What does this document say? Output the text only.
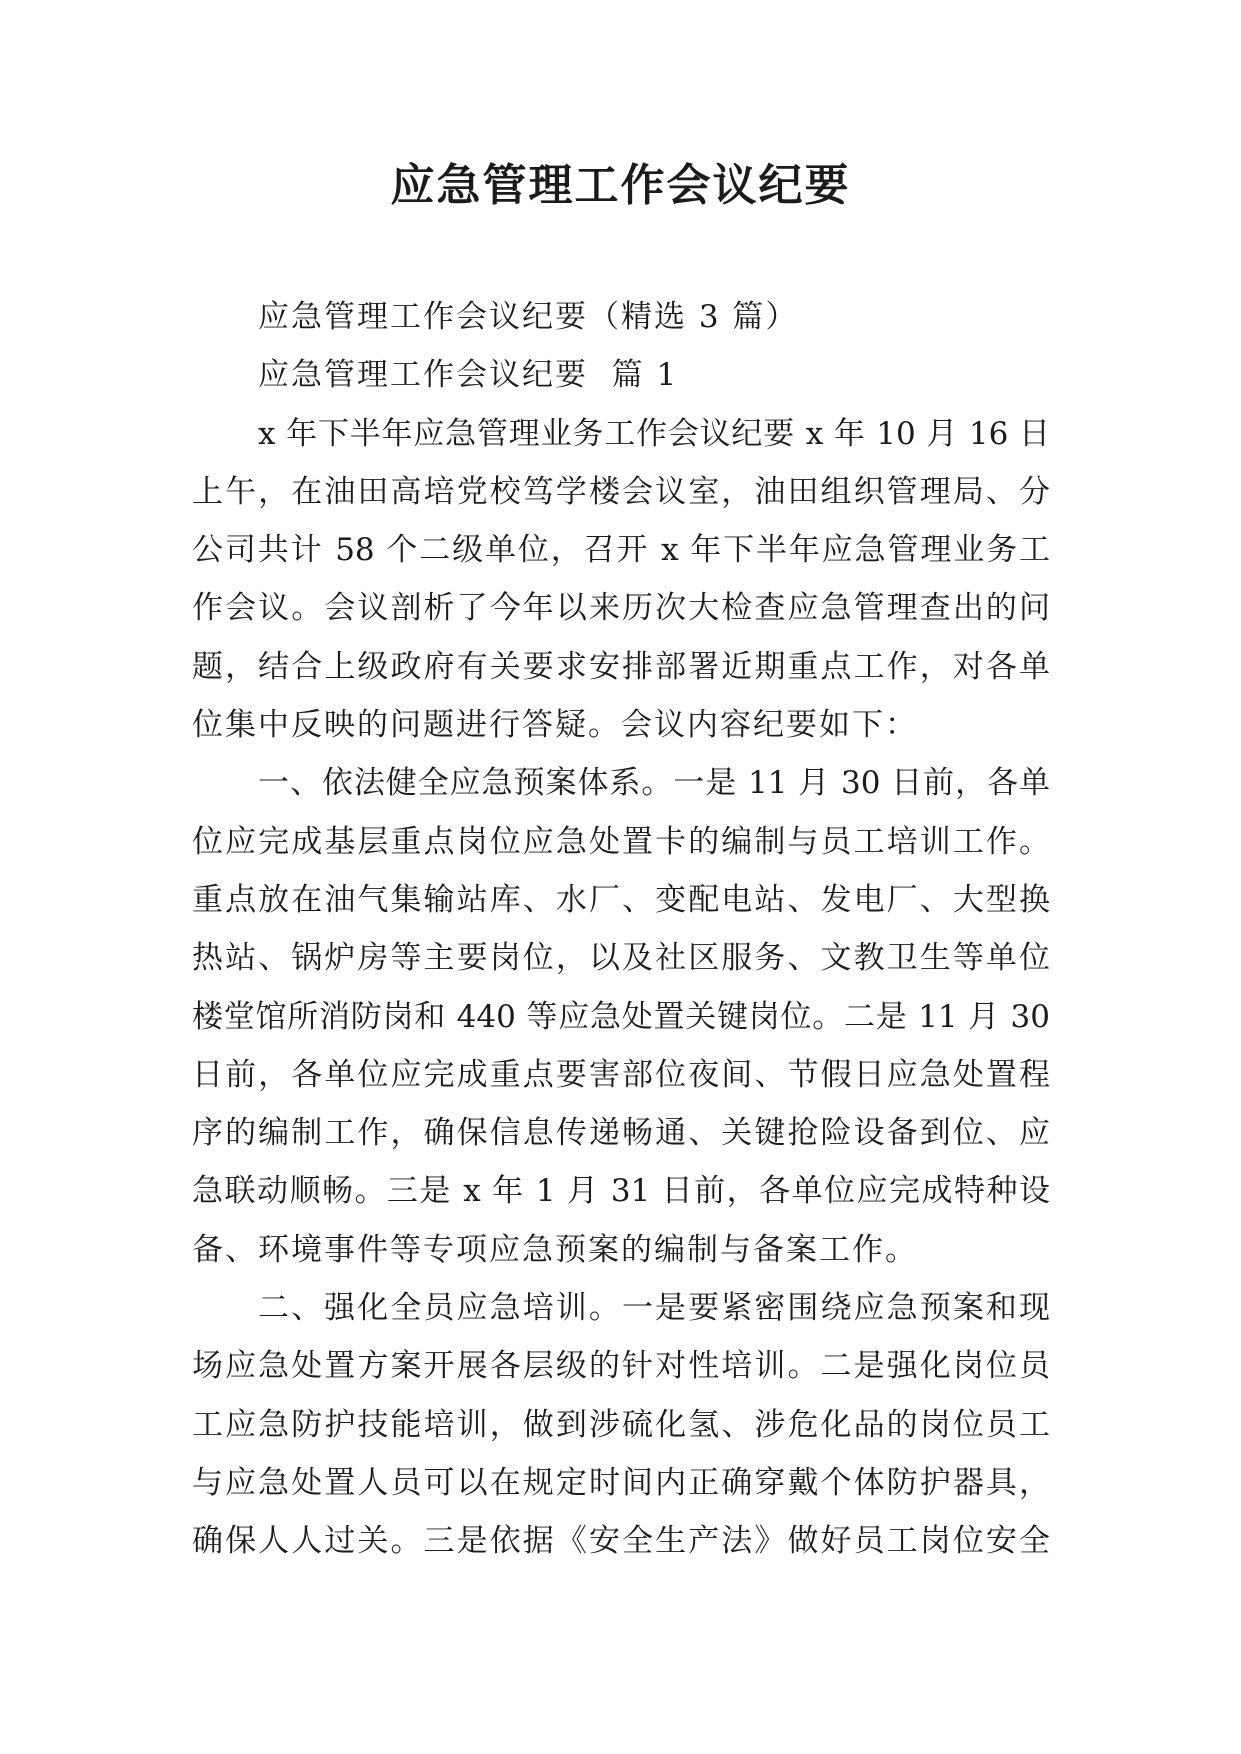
应急管理工作会议纪要
应急管理工作会议纪要（精选 3 篇）
应急管理工作会议纪要  篇 1
x 年下半年应急管理业务工作会议纪要 x 年 10 月 16 日
上午，在油田高培党校笃学楼会议室，油田组织管理局、分
公司共计 58 个二级单位，召开 x 年下半年应急管理业务工
作会议。会议剖析了今年以来历次大检查应急管理查出的问
题，结合上级政府有关要求安排部署近期重点工作，对各单
位集中反映的问题进行答疑。会议内容纪要如下：
一、依法健全应急预案体系。一是 11 月 30 日前，各单
位应完成基层重点岗位应急处置卡的编制与员工培训工作。
重点放在油气集输站库、水厂、变配电站、发电厂、大型换
热站、锅炉房等主要岗位，以及社区服务、文教卫生等单位
楼堂馆所消防岗和 440 等应急处置关键岗位。二是 11 月 30
日前，各单位应完成重点要害部位夜间、节假日应急处置程
序的编制工作，确保信息传递畅通、关键抢险设备到位、应
急联动顺畅。三是 x 年 1 月 31 日前，各单位应完成特种设
备、环境事件等专项应急预案的编制与备案工作。
二、强化全员应急培训。一是要紧密围绕应急预案和现
场应急处置方案开展各层级的针对性培训。二是强化岗位员
工应急防护技能培训，做到涉硫化氢、涉危化品的岗位员工
与应急处置人员可以在规定时间内正确穿戴个体防护器具，
确保人人过关。三是依据《安全生产法》做好员工岗位安全
